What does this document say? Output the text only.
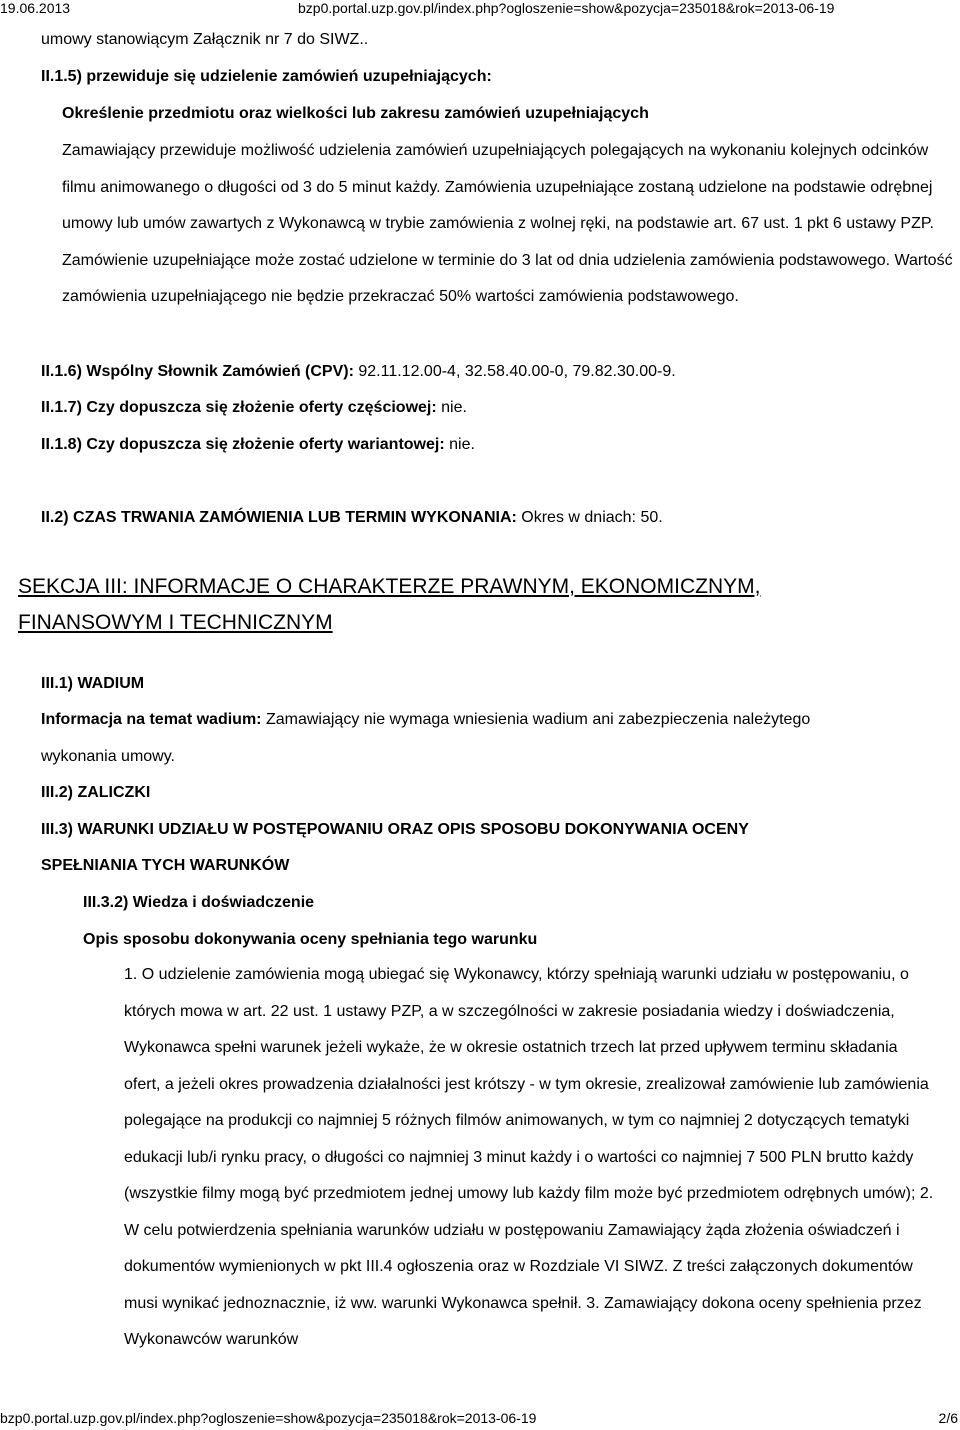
19.06.2013	bzp0.portal.uzp.gov.pl/index.php?ogloszenie=show&pozycja=235018&rok=2013-06-19

umowy stanowiącym Załącznik nr 7 do SIWZ..

II.1.5) przewiduje się udzielenie zamówień uzupełniających:

Określenie przedmiotu oraz wielkości lub zakresu zamówień uzupełniających

Zamawiający przewiduje możliwość udzielenia zamówień uzupełniających polegających na wykonaniu kolejnych odcinków filmu animowanego o długości od 3 do 5 minut każdy. Zamówienia uzupełniające zostaną udzielone na podstawie odrębnej umowy lub umów zawartych z Wykonawcą w trybie zamówienia z wolnej ręki, na podstawie art. 67 ust. 1 pkt 6 ustawy PZP. Zamówienie uzupełniające może zostać udzielone w terminie do 3 lat od dnia udzielenia zamówienia podstawowego. Wartość zamówienia uzupełniającego nie będzie przekraczać 50% wartości zamówienia podstawowego.

II.1.6) Wspólny Słownik Zamówień (CPV): 92.11.12.00-4, 32.58.40.00-0, 79.82.30.00-9.

II.1.7) Czy dopuszcza się złożenie oferty częściowej: nie.

II.1.8) Czy dopuszcza się złożenie oferty wariantowej: nie.

II.2) CZAS TRWANIA ZAMÓWIENIA LUB TERMIN WYKONANIA: Okres w dniach: 50.

SEKCJA III: INFORMACJE O CHARAKTERZE PRAWNYM, EKONOMICZNYM,

FINANSOWYM I TECHNICZNYM

III.1) WADIUM

Informacja na temat wadium: Zamawiający nie wymaga wniesienia wadium ani zabezpieczenia należytego

wykonania umowy.

III.2) ZALICZKI

III.3) WARUNKI UDZIAŁU W POSTĘPOWANIU ORAZ OPIS SPOSOBU DOKONYWANIA OCENY

SPEŁNIANIA TYCH WARUNKÓW

III.3.2) Wiedza i doświadczenie

Opis sposobu dokonywania oceny spełniania tego warunku

1. O udzielenie zamówienia mogą ubiegać się Wykonawcy, którzy spełniają warunki udziału w postępowaniu, o których mowa w art. 22 ust. 1 ustawy PZP, a w szczególności w zakresie posiadania wiedzy i doświadczenia, Wykonawca spełni warunek jeżeli wykaże, że w okresie ostatnich trzech lat przed upływem terminu składania ofert, a jeżeli okres prowadzenia działalności jest krótszy - w tym okresie, zrealizował zamówienie lub zamówienia polegające na produkcji co najmniej 5 różnych filmów animowanych, w tym co najmniej 2 dotyczących tematyki edukacji lub/i rynku pracy, o długości co najmniej 3 minut każdy i o wartości co najmniej 7 500 PLN brutto każdy (wszystkie filmy mogą być przedmiotem jednej umowy lub każdy film może być przedmiotem odrębnych umów); 2. W celu potwierdzenia spełniania warunków udziału w postępowaniu Zamawiający żąda złożenia oświadczeń i dokumentów wymienionych w pkt III.4 ogłoszenia oraz w Rozdziale VI SIWZ. Z treści załączonych dokumentów musi wynikać jednoznacznie, iż ww. warunki Wykonawca spełnił. 3. Zamawiający dokona oceny spełnienia przez Wykonawców warunków

bzp0.portal.uzp.gov.pl/index.php?ogloszenie=show&pozycja=235018&rok=2013-06-19	2/6
